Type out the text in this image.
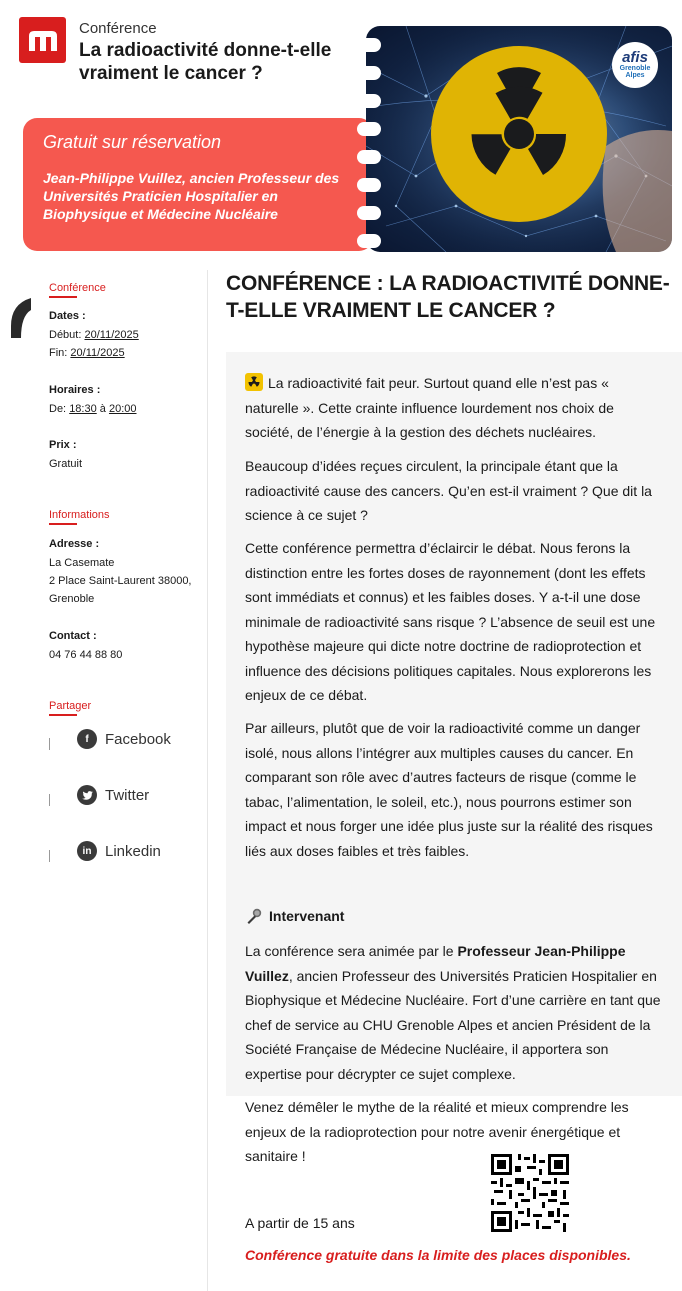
Conférence
La radioactivité donne-t-elle vraiment le cancer ?
Gratuit sur réservation
Jean-Philippe Vuillez, ancien Professeur des Universités Praticien Hospitalier en Biophysique et Médecine Nucléaire
afis
Grenoble
Alpes
Conférence
Dates :
Début: 20/11/2025
Fin: 20/11/2025
Horaires :
De: 18:30 à 20:00
Prix :
Gratuit
Informations
Adresse :
La Casemate
2 Place Saint-Laurent 38000,
Grenoble
Contact :
04 76 44 88 80
Partager
f	Facebook
Twitter
in Linkedin
CONFÉRENCE : LA RADIOACTIVITÉ DONNE-T-ELLE VRAIMENT LE CANCER ?
La radioactivité fait peur. Surtout quand elle n’est pas « naturelle ». Cette crainte influence lourdement nos choix de société, de l’énergie à la gestion des déchets nucléaires.
Beaucoup d’idées reçues circulent, la principale étant que la radioactivité cause des cancers. Qu’en est-il vraiment ? Que dit la science à ce sujet ?
Cette conférence permettra d’éclaircir le débat. Nous ferons la distinction entre les fortes doses de rayonnement (dont les effets sont immédiats et connus) et les faibles doses. Y a-t-il une dose minimale de radioactivité sans risque ? L’absence de seuil est une hypothèse majeure qui dicte notre doctrine de radioprotection et influence des décisions politiques capitales. Nous explorerons les enjeux de ce débat.
Par ailleurs, plutôt que de voir la radioactivité comme un danger isolé, nous allons l’intégrer aux multiples causes du cancer. En comparant son rôle avec d’autres facteurs de risque (comme le tabac, l’alimentation, le soleil, etc.), nous pourrons estimer son impact et nous forger une idée plus juste sur la réalité des risques liés aux doses faibles et très faibles.
Intervenant
La conférence sera animée par le Professeur Jean-Philippe Vuillez, ancien Professeur des Universités Praticien Hospitalier en Biophysique et Médecine Nucléaire. Fort d’une carrière en tant que chef de service au CHU Grenoble Alpes et ancien Président de la Société Française de Médecine Nucléaire, il apportera son expertise pour décrypter ce sujet complexe.
Venez démêler le mythe de la réalité et mieux comprendre les enjeux de la radioprotection pour notre avenir énergétique et sanitaire !
A partir de 15 ans
Conférence gratuite dans la limite des places disponibles.
